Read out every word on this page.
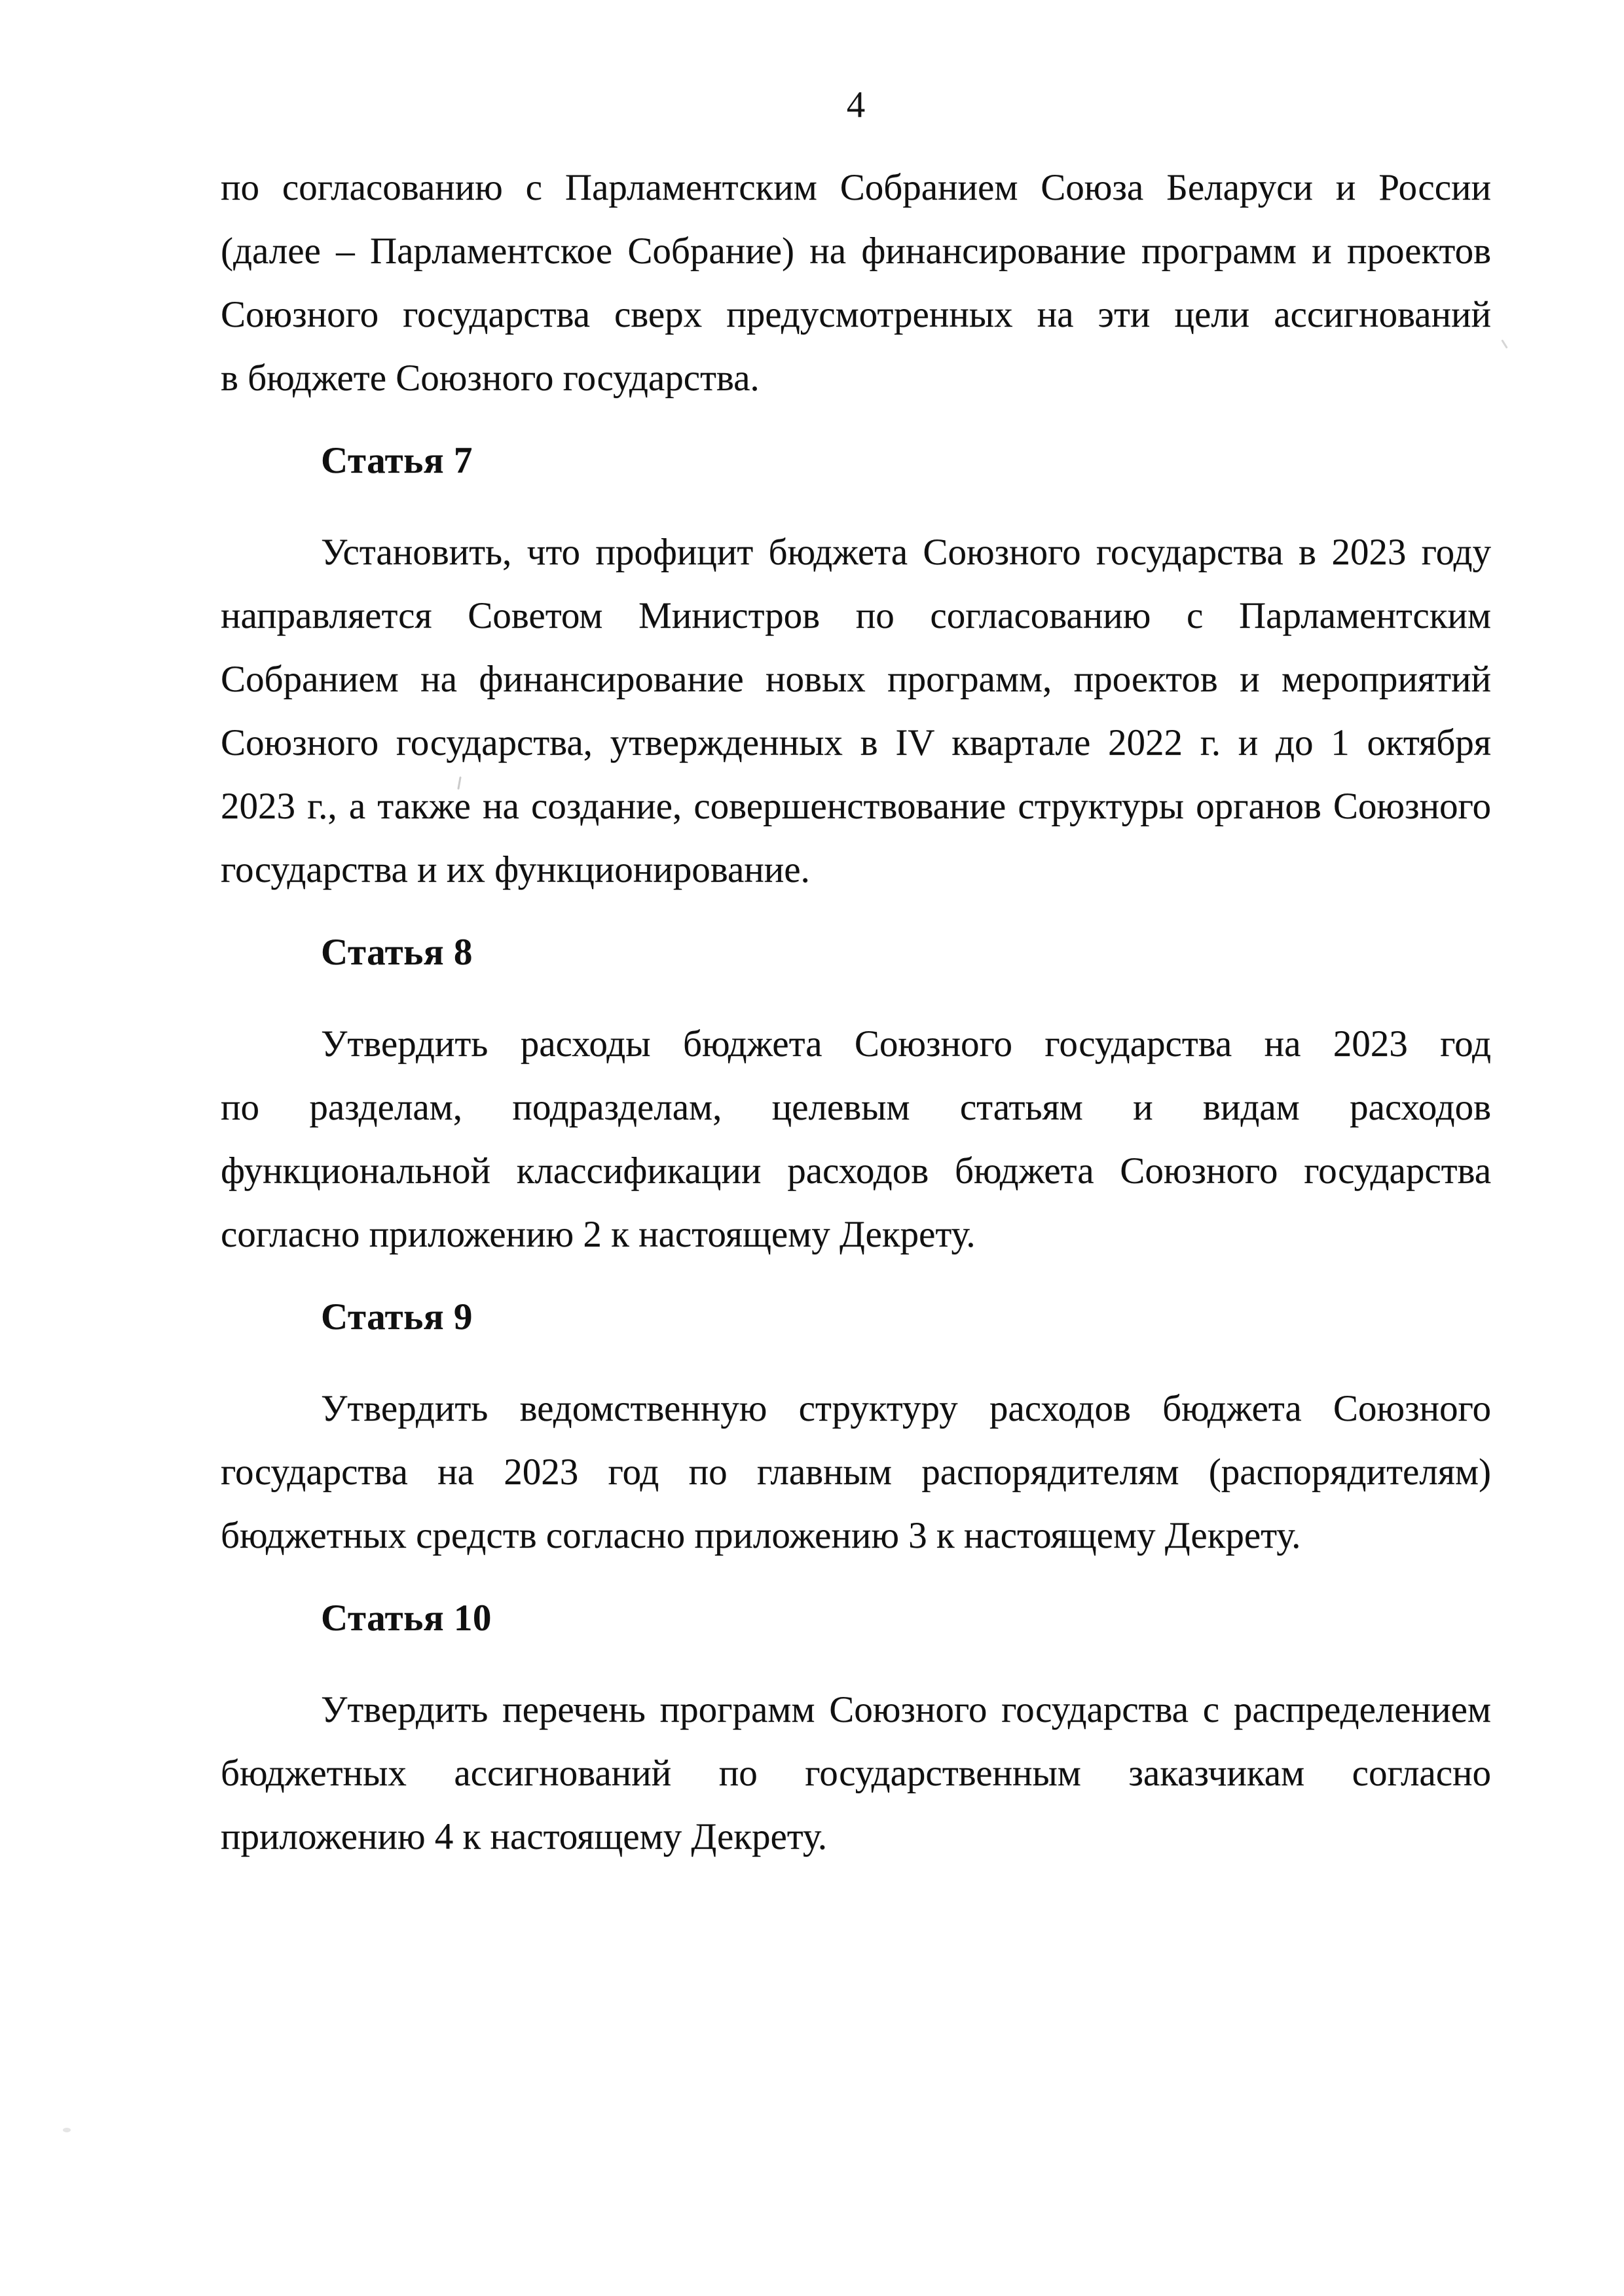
4
по согласованию с Парламентским Собранием Союза Беларуси и России
(далее – Парламентское Собрание) на финансирование программ и проектов
Союзного государства сверх предусмотренных на эти цели ассигнований
в бюджете Союзного государства.
Статья 7
Установить, что профицит бюджета Союзного государства в 2023 году
направляется Советом Министров по согласованию с Парламентским
Собранием на финансирование новых программ, проектов и мероприятий
Союзного государства, утвержденных в IV квартале 2022 г. и до 1 октября
2023 г., а также на создание, совершенствование структуры органов Союзного
государства и их функционирование.
Статья 8
Утвердить расходы бюджета Союзного государства на 2023 год
по разделам, подразделам, целевым статьям и видам расходов
функциональной классификации расходов бюджета Союзного государства
согласно приложению 2 к настоящему Декрету.
Статья 9
Утвердить ведомственную структуру расходов бюджета Союзного
государства на 2023 год по главным распорядителям (распорядителям)
бюджетных средств согласно приложению 3 к настоящему Декрету.
Статья 10
Утвердить перечень программ Союзного государства с распределением
бюджетных ассигнований по государственным заказчикам согласно
приложению 4 к настоящему Декрету.
